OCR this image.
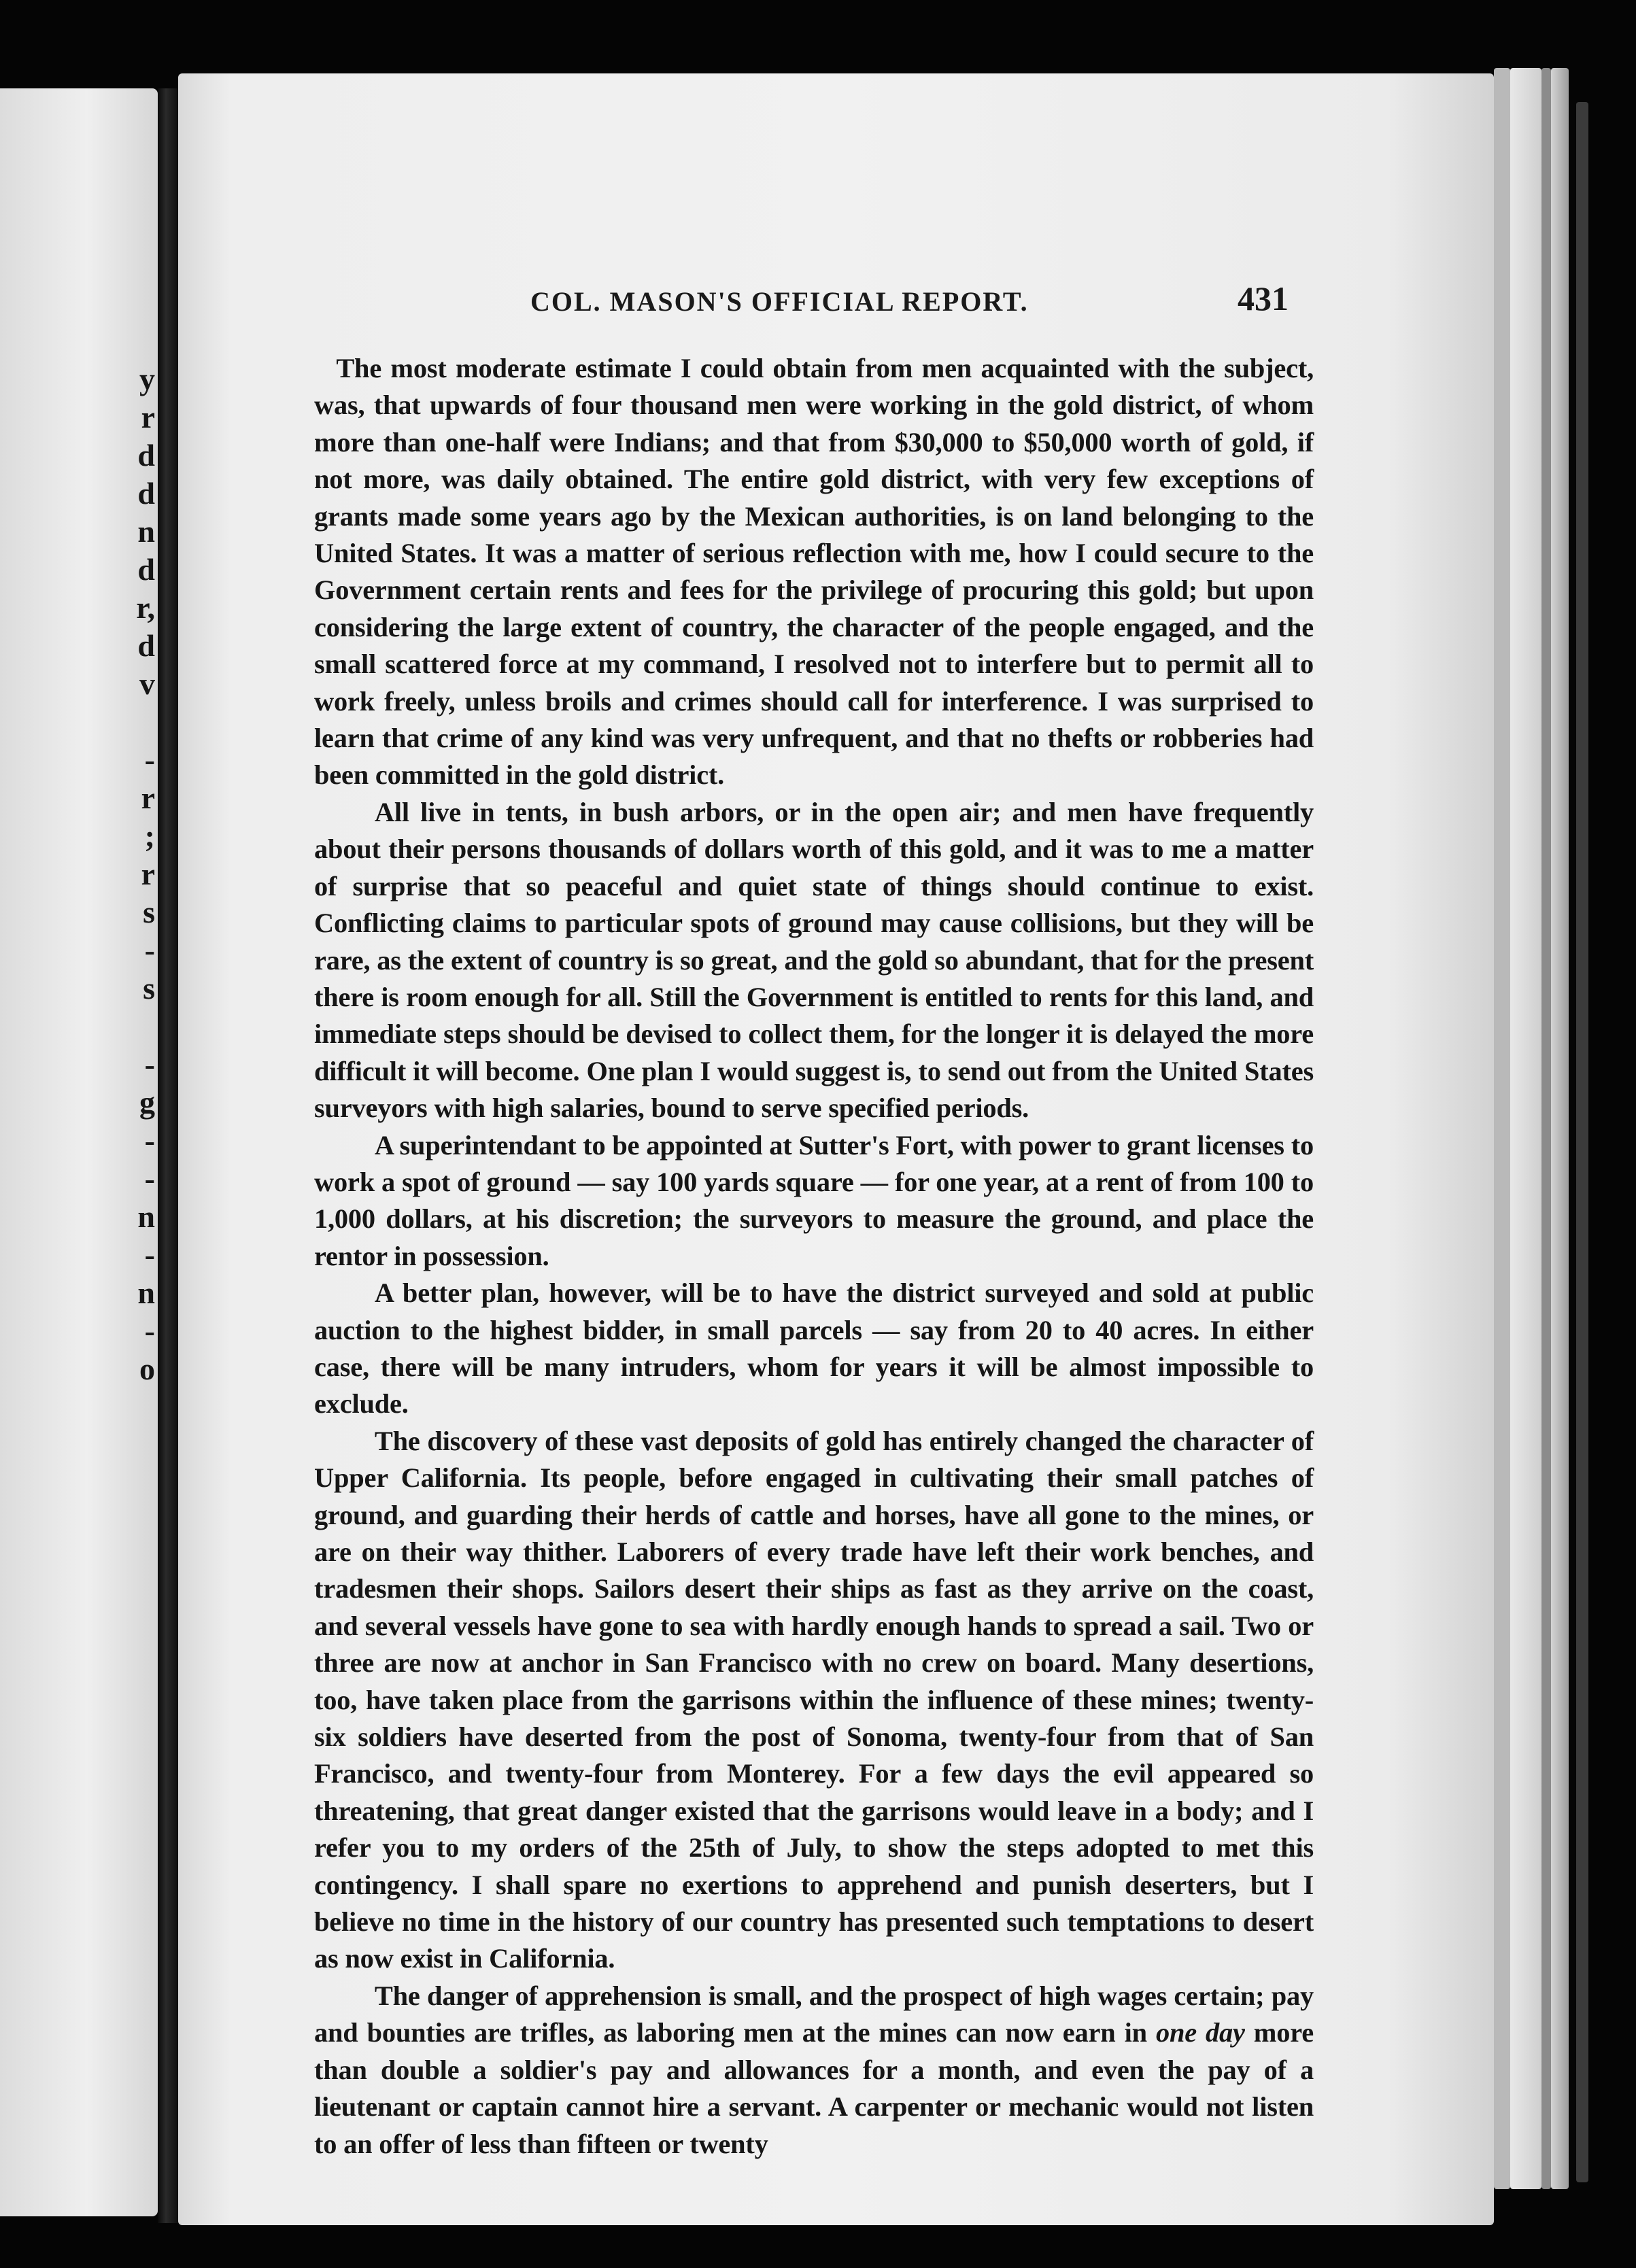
y
r
d
d
n
d
r,
d
v

-
r
;
r
s
-
s

-
g
-
-
n
-
n
-
o
COL. MASON'S OFFICIAL REPORT.	431

The most moderate estimate I could obtain from men acquainted with the subject, was, that upwards of four thousand men were working in the gold district, of whom more than one-half were Indians; and that from $30,000 to $50,000 worth of gold, if not more, was daily obtained. The entire gold district, with very few exceptions of grants made some years ago by the Mexican authorities, is on land belonging to the United States. It was a matter of serious reflection with me, how I could secure to the Government certain rents and fees for the privilege of procuring this gold; but upon considering the large extent of country, the character of the people engaged, and the small scattered force at my command, I resolved not to interfere but to permit all to work freely, unless broils and crimes should call for interference. I was surprised to learn that crime of any kind was very unfrequent, and that no thefts or robberies had been committed in the gold district.

All live in tents, in bush arbors, or in the open air; and men have frequently about their persons thousands of dollars worth of this gold, and it was to me a matter of surprise that so peaceful and quiet state of things should continue to exist. Conflicting claims to particular spots of ground may cause collisions, but they will be rare, as the extent of country is so great, and the gold so abundant, that for the present there is room enough for all. Still the Government is entitled to rents for this land, and immediate steps should be devised to collect them, for the longer it is delayed the more difficult it will become. One plan I would suggest is, to send out from the United States surveyors with high salaries, bound to serve specified periods.

A superintendant to be appointed at Sutter's Fort, with power to grant licenses to work a spot of ground — say 100 yards square — for one year, at a rent of from 100 to 1,000 dollars, at his discretion; the surveyors to measure the ground, and place the rentor in possession.

A better plan, however, will be to have the district surveyed and sold at public auction to the highest bidder, in small parcels — say from 20 to 40 acres. In either case, there will be many intruders, whom for years it will be almost impossible to exclude.

The discovery of these vast deposits of gold has entirely changed the character of Upper California. Its people, before engaged in cultivating their small patches of ground, and guarding their herds of cattle and horses, have all gone to the mines, or are on their way thither. Laborers of every trade have left their work benches, and tradesmen their shops. Sailors desert their ships as fast as they arrive on the coast, and several vessels have gone to sea with hardly enough hands to spread a sail. Two or three are now at anchor in San Francisco with no crew on board. Many desertions, too, have taken place from the garrisons within the influence of these mines; twenty-six soldiers have deserted from the post of Sonoma, twenty-four from that of San Francisco, and twenty-four from Monterey. For a few days the evil appeared so threatening, that great danger existed that the garrisons would leave in a body; and I refer you to my orders of the 25th of July, to show the steps adopted to met this contingency. I shall spare no exertions to apprehend and punish deserters, but I believe no time in the history of our country has presented such temptations to desert as now exist in California.

The danger of apprehension is small, and the prospect of high wages certain; pay and bounties are trifles, as laboring men at the mines can now earn in one day more than double a soldier's pay and allowances for a month, and even the pay of a lieutenant or captain cannot hire a servant. A carpenter or mechanic would not listen to an offer of less than fifteen or twenty
